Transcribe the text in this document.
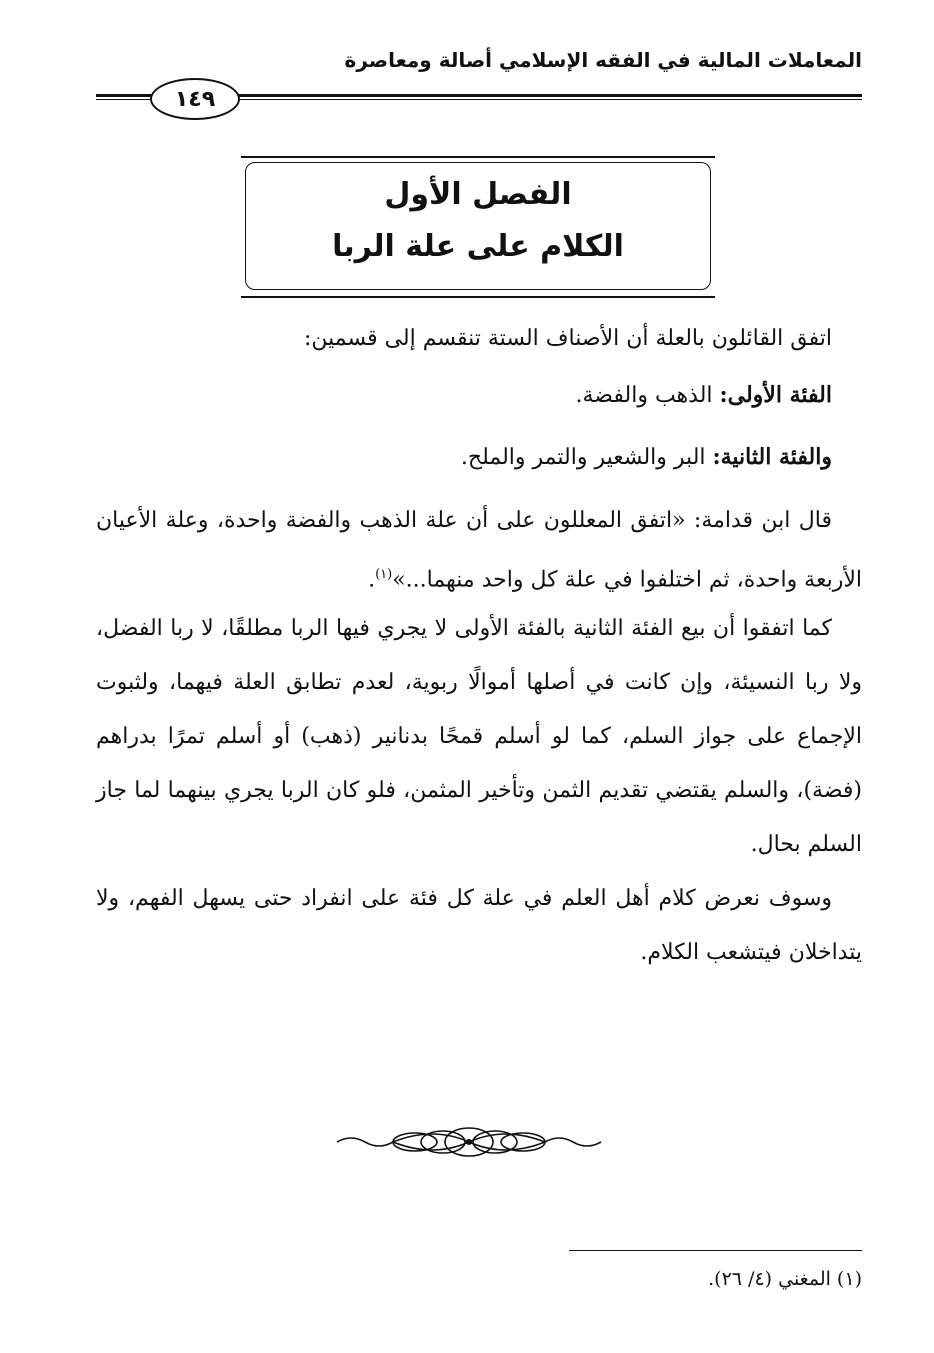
المعاملات المالية في الفقه الإسلامي أصالة ومعاصرة
١٤٩
الفصل الأول
الكلام على علة الربا
اتفق القائلون بالعلة أن الأصناف الستة تنقسم إلى قسمين:
الفئة الأولى: الذهب والفضة.
والفئة الثانية: البر والشعير والتمر والملح.
قال ابن قدامة: «اتفق المعللون على أن علة الذهب والفضة واحدة، وعلة الأعيان الأربعة واحدة، ثم اختلفوا في علة كل واحد منهما...»$^{(١)}$.
كما اتفقوا أن بيع الفئة الثانية بالفئة الأولى لا يجري فيها الربا مطلقًا، لا ربا الفضل، ولا ربا النسيئة، وإن كانت في أصلها أموالًا ربوية، لعدم تطابق العلة فيهما، ولثبوت الإجماع على جواز السلم، كما لو أسلم قمحًا بدنانير (ذهب) أو أسلم تمرًا بدراهم (فضة)، والسلم يقتضي تقديم الثمن وتأخير المثمن، فلو كان الربا يجري بينهما لما جاز السلم بحال.
وسوف نعرض كلام أهل العلم في علة كل فئة على انفراد حتى يسهل الفهم، ولا يتداخلان فيتشعب الكلام.
(١) المغني (٤/ ٢٦).
